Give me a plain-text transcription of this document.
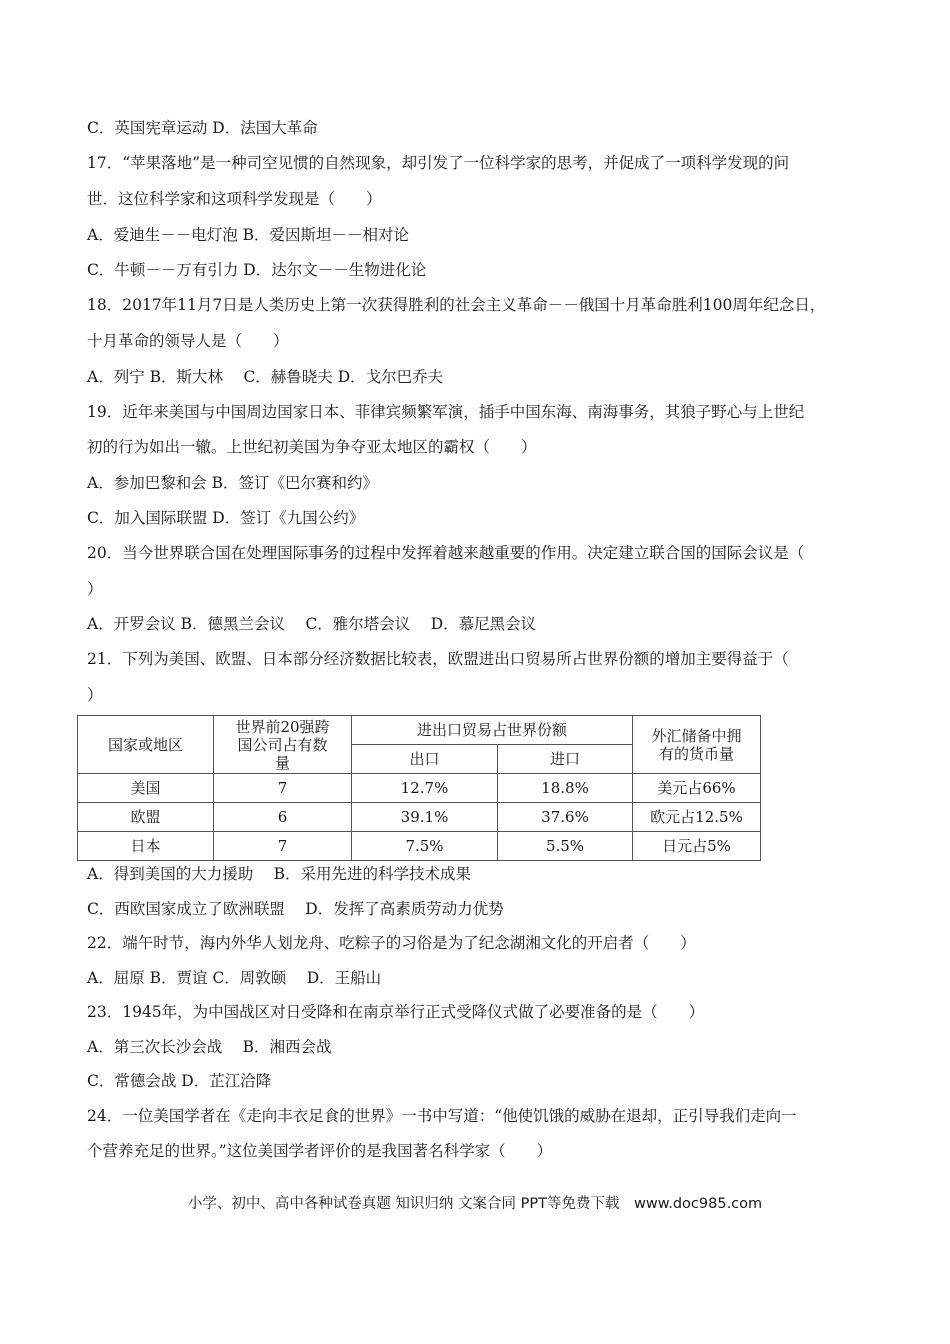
C．英国宪章运动 D．法国大革命
17．“苹果落地”是一种司空见惯的自然现象，却引发了一位科学家的思考，并促成了一项科学发现的问
世．这位科学家和这项科学发现是（　　）
A．爱迪生－－电灯泡 B．爱因斯坦－－相对论
C．牛顿－－万有引力 D．达尔文－－生物进化论
18．2017年11月7日是人类历史上第一次获得胜利的社会主义革命－－俄国十月革命胜利100周年纪念日，
十月革命的领导人是（　　）
A．列宁 B．斯大林　 C．赫鲁晓夫 D．戈尔巴乔夫
19．近年来美国与中国周边国家日本、菲律宾频繁军演，插手中国东海、南海事务，其狼子野心与上世纪
初的行为如出一辙。上世纪初美国为争夺亚太地区的霸权（　　）
A．参加巴黎和会 B．签订《巴尔赛和约》
C．加入国际联盟 D．签订《九国公约》
20．当今世界联合国在处理国际事务的过程中发挥着越来越重要的作用。决定建立联合国的国际会议是（
）
A．开罗会议 B．德黑兰会议　 C．雅尔塔会议　 D．慕尼黑会议
21．下列为美国、欧盟、日本部分经济数据比较表，欧盟进出口贸易所占世界份额的增加主要得益于（
）
国家或地区	世界前20强跨国公司占有数量	进出口贸易占世界份额		外汇储备中拥有的货币量
		出口	进口	
美国	7	12.7%	18.8%	美元占66%
欧盟	6	39.1%	37.6%	欧元占12.5%
日本	7	7.5%	5.5%	日元占5%
A．得到美国的大力援助　 B．采用先进的科学技术成果
C．西欧国家成立了欧洲联盟　 D．发挥了高素质劳动力优势
22．端午时节，海内外华人划龙舟、吃粽子的习俗是为了纪念湖湘文化的开启者（　　）
A．屈原 B．贾谊 C．周敦颐　 D．王船山
23．1945年，为中国战区对日受降和在南京举行正式受降仪式做了必要准备的是（　　）
A．第三次长沙会战　 B．湘西会战
C．常德会战 D．芷江洽降
24．一位美国学者在《走向丰衣足食的世界》一书中写道：“他使饥饿的威胁在退却，正引导我们走向一
个营养充足的世界。”这位美国学者评价的是我国著名科学家（　　）
小学、初中、高中各种试卷真题 知识归纳 文案合同 PPT等免费下载　www.doc985.com
